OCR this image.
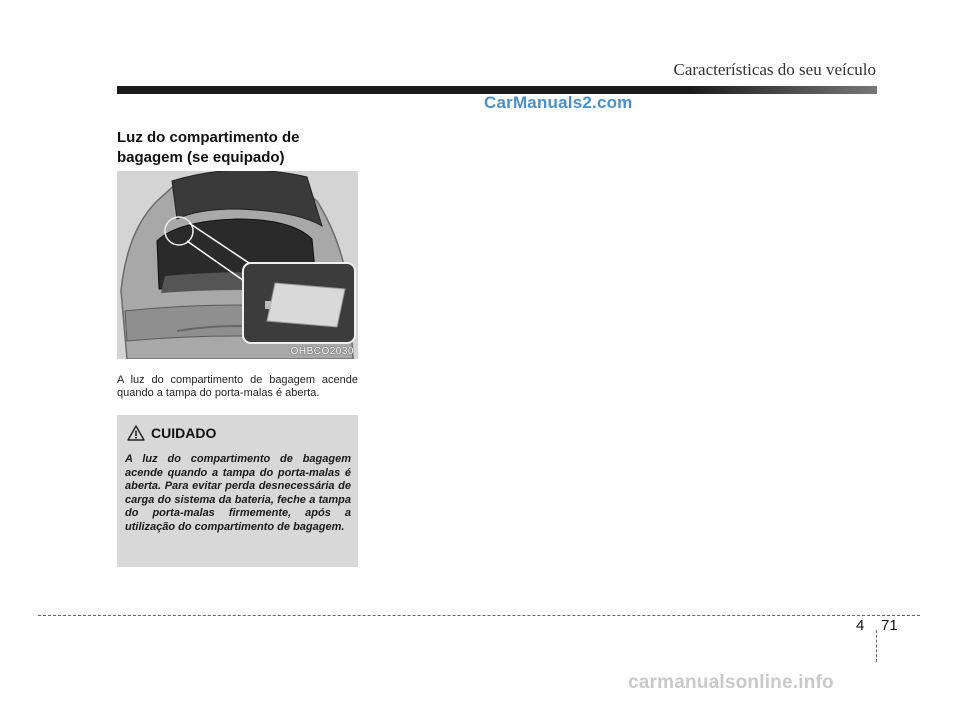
Características do seu veículo
CarManuals2.com
Luz do compartimento de bagagem (se equipado)
OHBCO2030
A luz do compartimento de bagagem acende quando a tampa do porta-malas é aberta.
CUIDADO
A luz do compartimento de bagagem acende quando a tampa do porta-malas é aberta. Para evitar perda desnecessária de carga do sistema da bateria, feche a tampa do porta-malas firmemente, após a utilização do compartimento de bagagem.
4 71
carmanualsonline.info
